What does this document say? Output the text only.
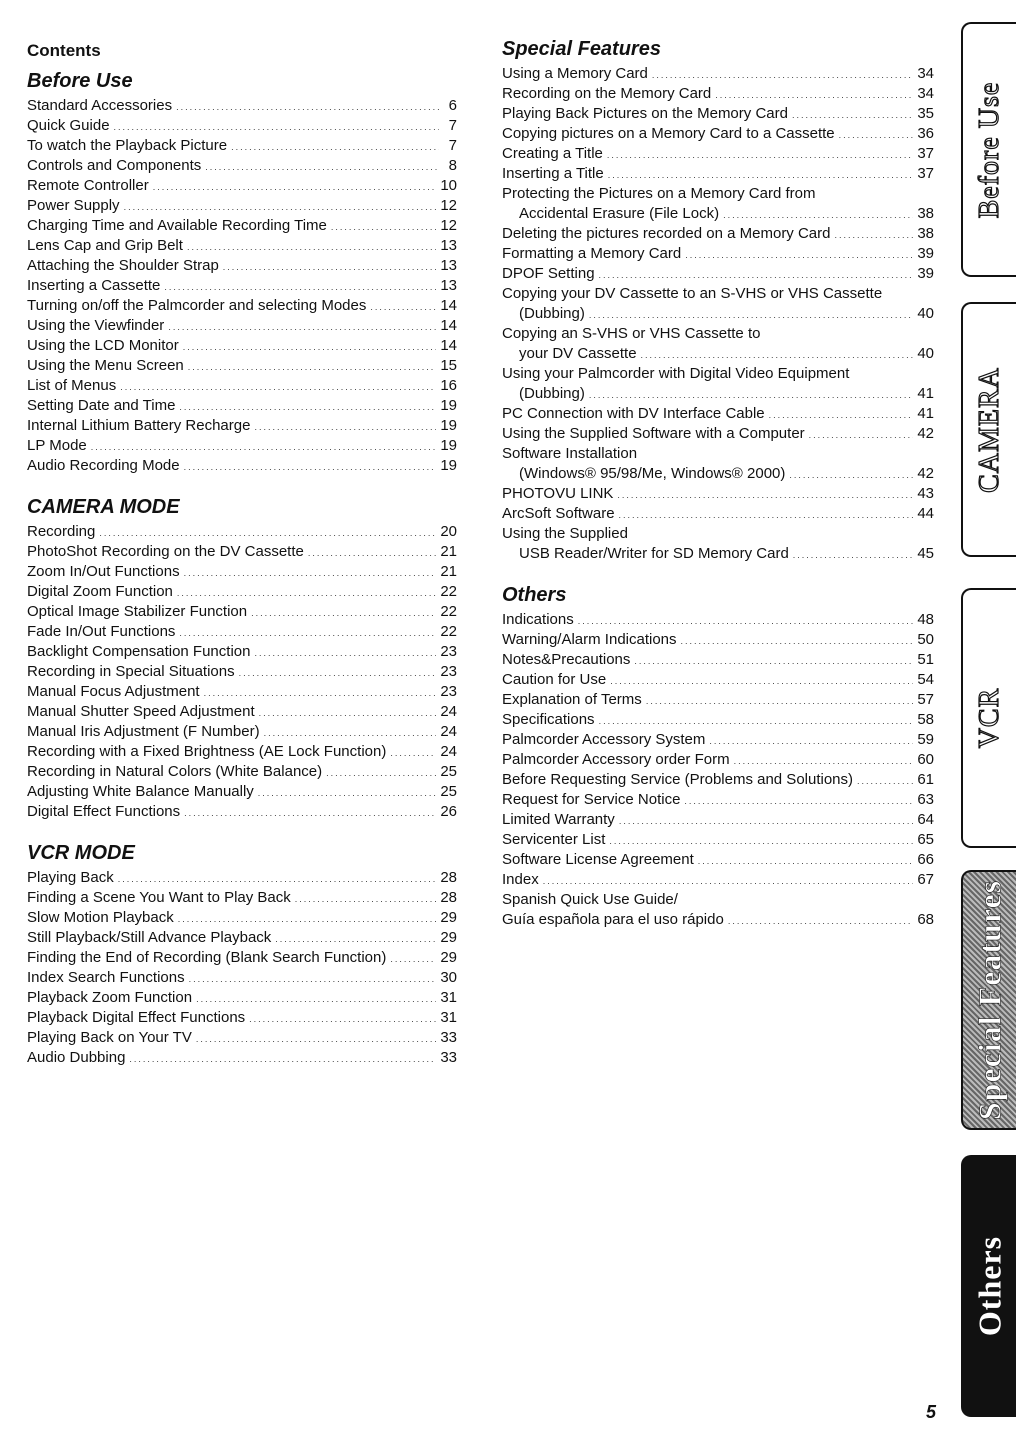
Contents
Before Use
Standard Accessories .....	6
Quick Guide .....	7
To watch the Playback Picture .....	7
Controls and Components .....	8
Remote Controller .....	10
Power Supply .....	12
Charging Time and Available Recording Time .....	12
Lens Cap and Grip Belt .....	13
Attaching the Shoulder Strap .....	13
Inserting a Cassette .....	13
Turning on/off the Palmcorder and selecting Modes .....	14
Using the Viewfinder .....	14
Using the LCD Monitor .....	14
Using the Menu Screen .....	15
List of Menus .....	16
Setting Date and Time .....	19
Internal Lithium Battery Recharge .....	19
LP Mode .....	19
Audio Recording Mode .....	19
CAMERA MODE
Recording .....	20
PhotoShot Recording on the DV Cassette .....	21
Zoom In/Out Functions .....	21
Digital Zoom Function .....	22
Optical Image Stabilizer Function .....	22
Fade In/Out Functions .....	22
Backlight Compensation Function .....	23
Recording in Special Situations .....	23
Manual Focus Adjustment .....	23
Manual Shutter Speed Adjustment .....	24
Manual Iris Adjustment (F Number) .....	24
Recording with a Fixed Brightness (AE Lock Function) .....	24
Recording in Natural Colors (White Balance) .....	25
Adjusting White Balance Manually .....	25
Digital Effect Functions .....	26
VCR MODE
Playing Back .....	28
Finding a Scene You Want to Play Back .....	28
Slow Motion Playback .....	29
Still Playback/Still Advance Playback .....	29
Finding the End of Recording (Blank Search Function) .....	29
Index Search Functions .....	30
Playback Zoom Function .....	31
Playback Digital Effect Functions .....	31
Playing Back on Your TV .....	33
Audio Dubbing .....	33
Special Features
Using a Memory Card .....	34
Recording on the Memory Card .....	34
Playing Back Pictures on the Memory Card .....	35
Copying pictures on a Memory Card to a Cassette .....	36
Creating a Title .....	37
Inserting a Title .....	37
Protecting the Pictures on a Memory Card from
Accidental Erasure (File Lock) .....	38
Deleting the pictures recorded on a Memory Card .....	38
Formatting a Memory Card .....	39
DPOF Setting .....	39
Copying your DV Cassette to an S-VHS or VHS Cassette
(Dubbing) .....	40
Copying an S-VHS or VHS Cassette to
your DV Cassette .....	40
Using your Palmcorder with Digital Video Equipment
(Dubbing) .....	41
PC Connection with DV Interface Cable .....	41
Using the Supplied Software with a Computer .....	42
Software Installation
(Windows® 95/98/Me, Windows® 2000) .....	42
PHOTOVU LINK .....	43
ArcSoft Software .....	44
Using the Supplied
USB Reader/Writer for SD Memory Card .....	45
Others
Indications .....	48
Warning/Alarm Indications .....	50
Notes&Precautions .....	51
Caution for Use .....	54
Explanation of Terms .....	57
Specifications .....	58
Palmcorder Accessory System .....	59
Palmcorder Accessory order Form .....	60
Before Requesting Service (Problems and Solutions) .....	61
Request for Service Notice .....	63
Limited Warranty .....	64
Servicenter List .....	65
Software License Agreement .....	66
Index .....	67
Spanish Quick Use Guide/
Guía española para el uso rápido .....	68
Before Use
CAMERA
VCR
Special Features
Others
5
